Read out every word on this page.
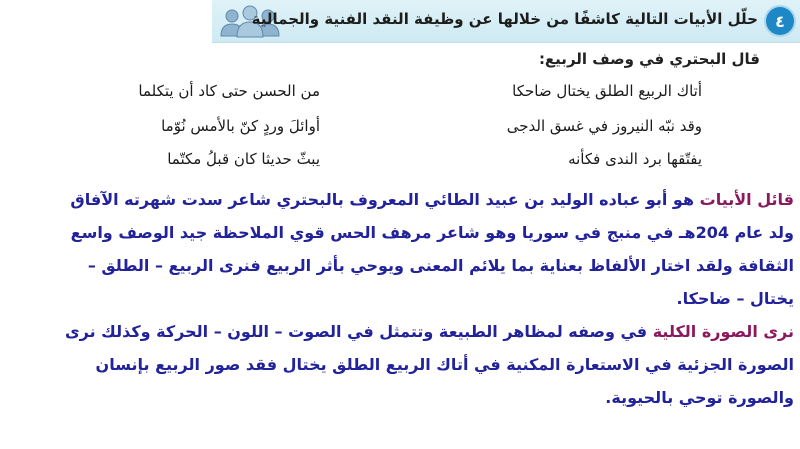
٤
حلّل الأبيات التالية كاشفًا من خلالها عن وظيفة النقد الفنية والجمالية
قال البحتري في وصف الربيع:
أتاك الربيع الطلق يختال ضاحكا
من الحسن حتى كاد أن يتكلما
وقد نبّه النيروز في غسق الدجى
أوائلَ وردٍ كنّ بالأمس نُوّما
يفتّقها برد الندى فكأنه
يبثّ حديثا كان قبلُ مكتّما
قائل الأبيات هو أبو عباده الوليد بن عبيد الطائي المعروف بالبحتري شاعر سدت شهرته الآفاق
ولد عام 204هـ في منبج في سوريا وهو شاعر مرهف الحس قوي الملاحظة جيد الوصف واسع
الثقافة ولقد اختار الألفاظ بعناية بما يلائم المعنى ويوحي بأثر الربيع فنرى الربيع – الطلق –
يختال – ضاحكا.
نرى الصورة الكلية في وصفه لمظاهر الطبيعة وتتمثل في الصوت – اللون – الحركة وكذلك نرى
الصورة الجزئية في الاستعارة المكنية في أتاك الربيع الطلق يختال فقد صور الربيع بإنسان
والصورة توحي بالحيوية.
